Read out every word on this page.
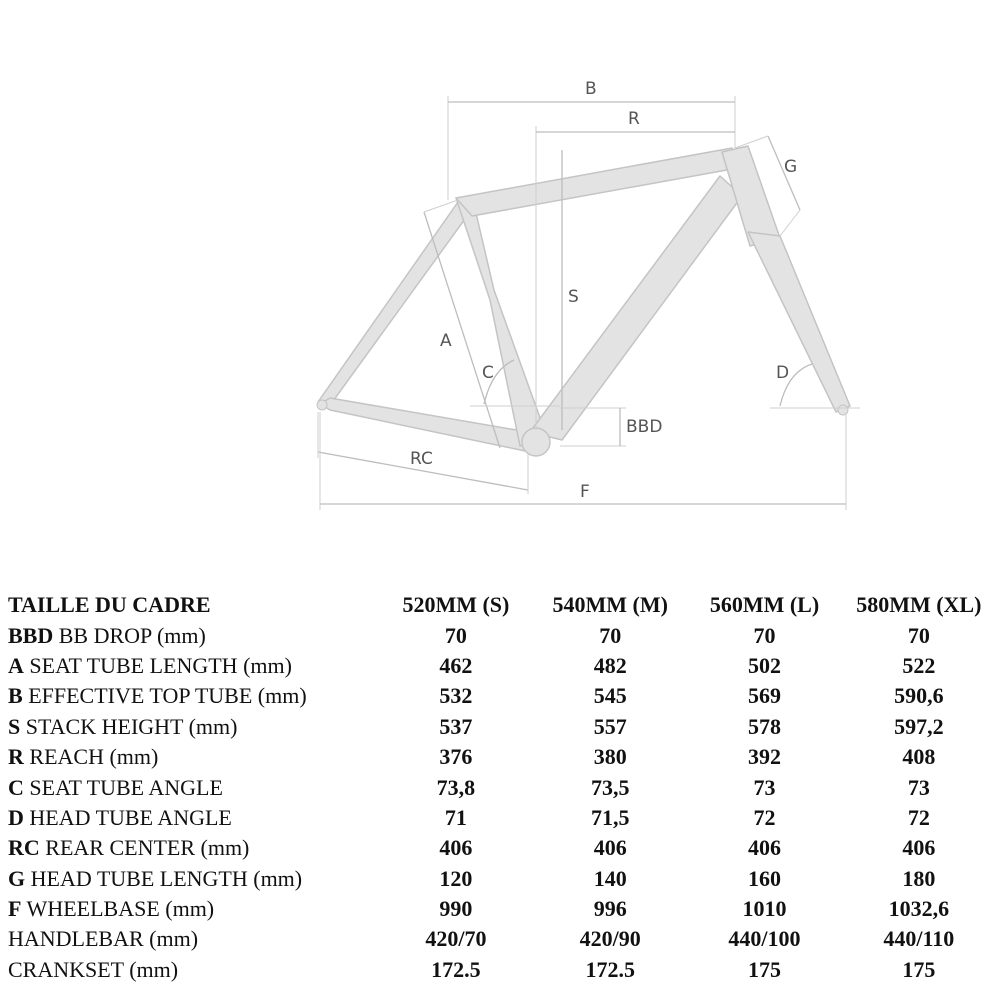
B
R
G
S
A
C	D
BBD
RC
F
TAILLE DU CADRE	520MM (S)	540MM (M)	560MM (L)	580MM (XL)
BBD BB DROP (mm)	70	70	70	70
A SEAT TUBE LENGTH (mm)	462	482	502	522
B EFFECTIVE TOP TUBE (mm)	532	545	569	590,6
S STACK HEIGHT (mm)	537	557	578	597,2
R REACH (mm)	376	380	392	408
C SEAT TUBE ANGLE	73,8	73,5	73	73
D HEAD TUBE ANGLE	71	71,5	72	72
RC REAR CENTER (mm)	406	406	406	406
G HEAD TUBE LENGTH (mm)	120	140	160	180
F WHEELBASE (mm)	990	996	1010	1032,6
HANDLEBAR (mm)	420/70	420/90	440/100	440/110
CRANKSET (mm)	172.5	172.5	175	175
